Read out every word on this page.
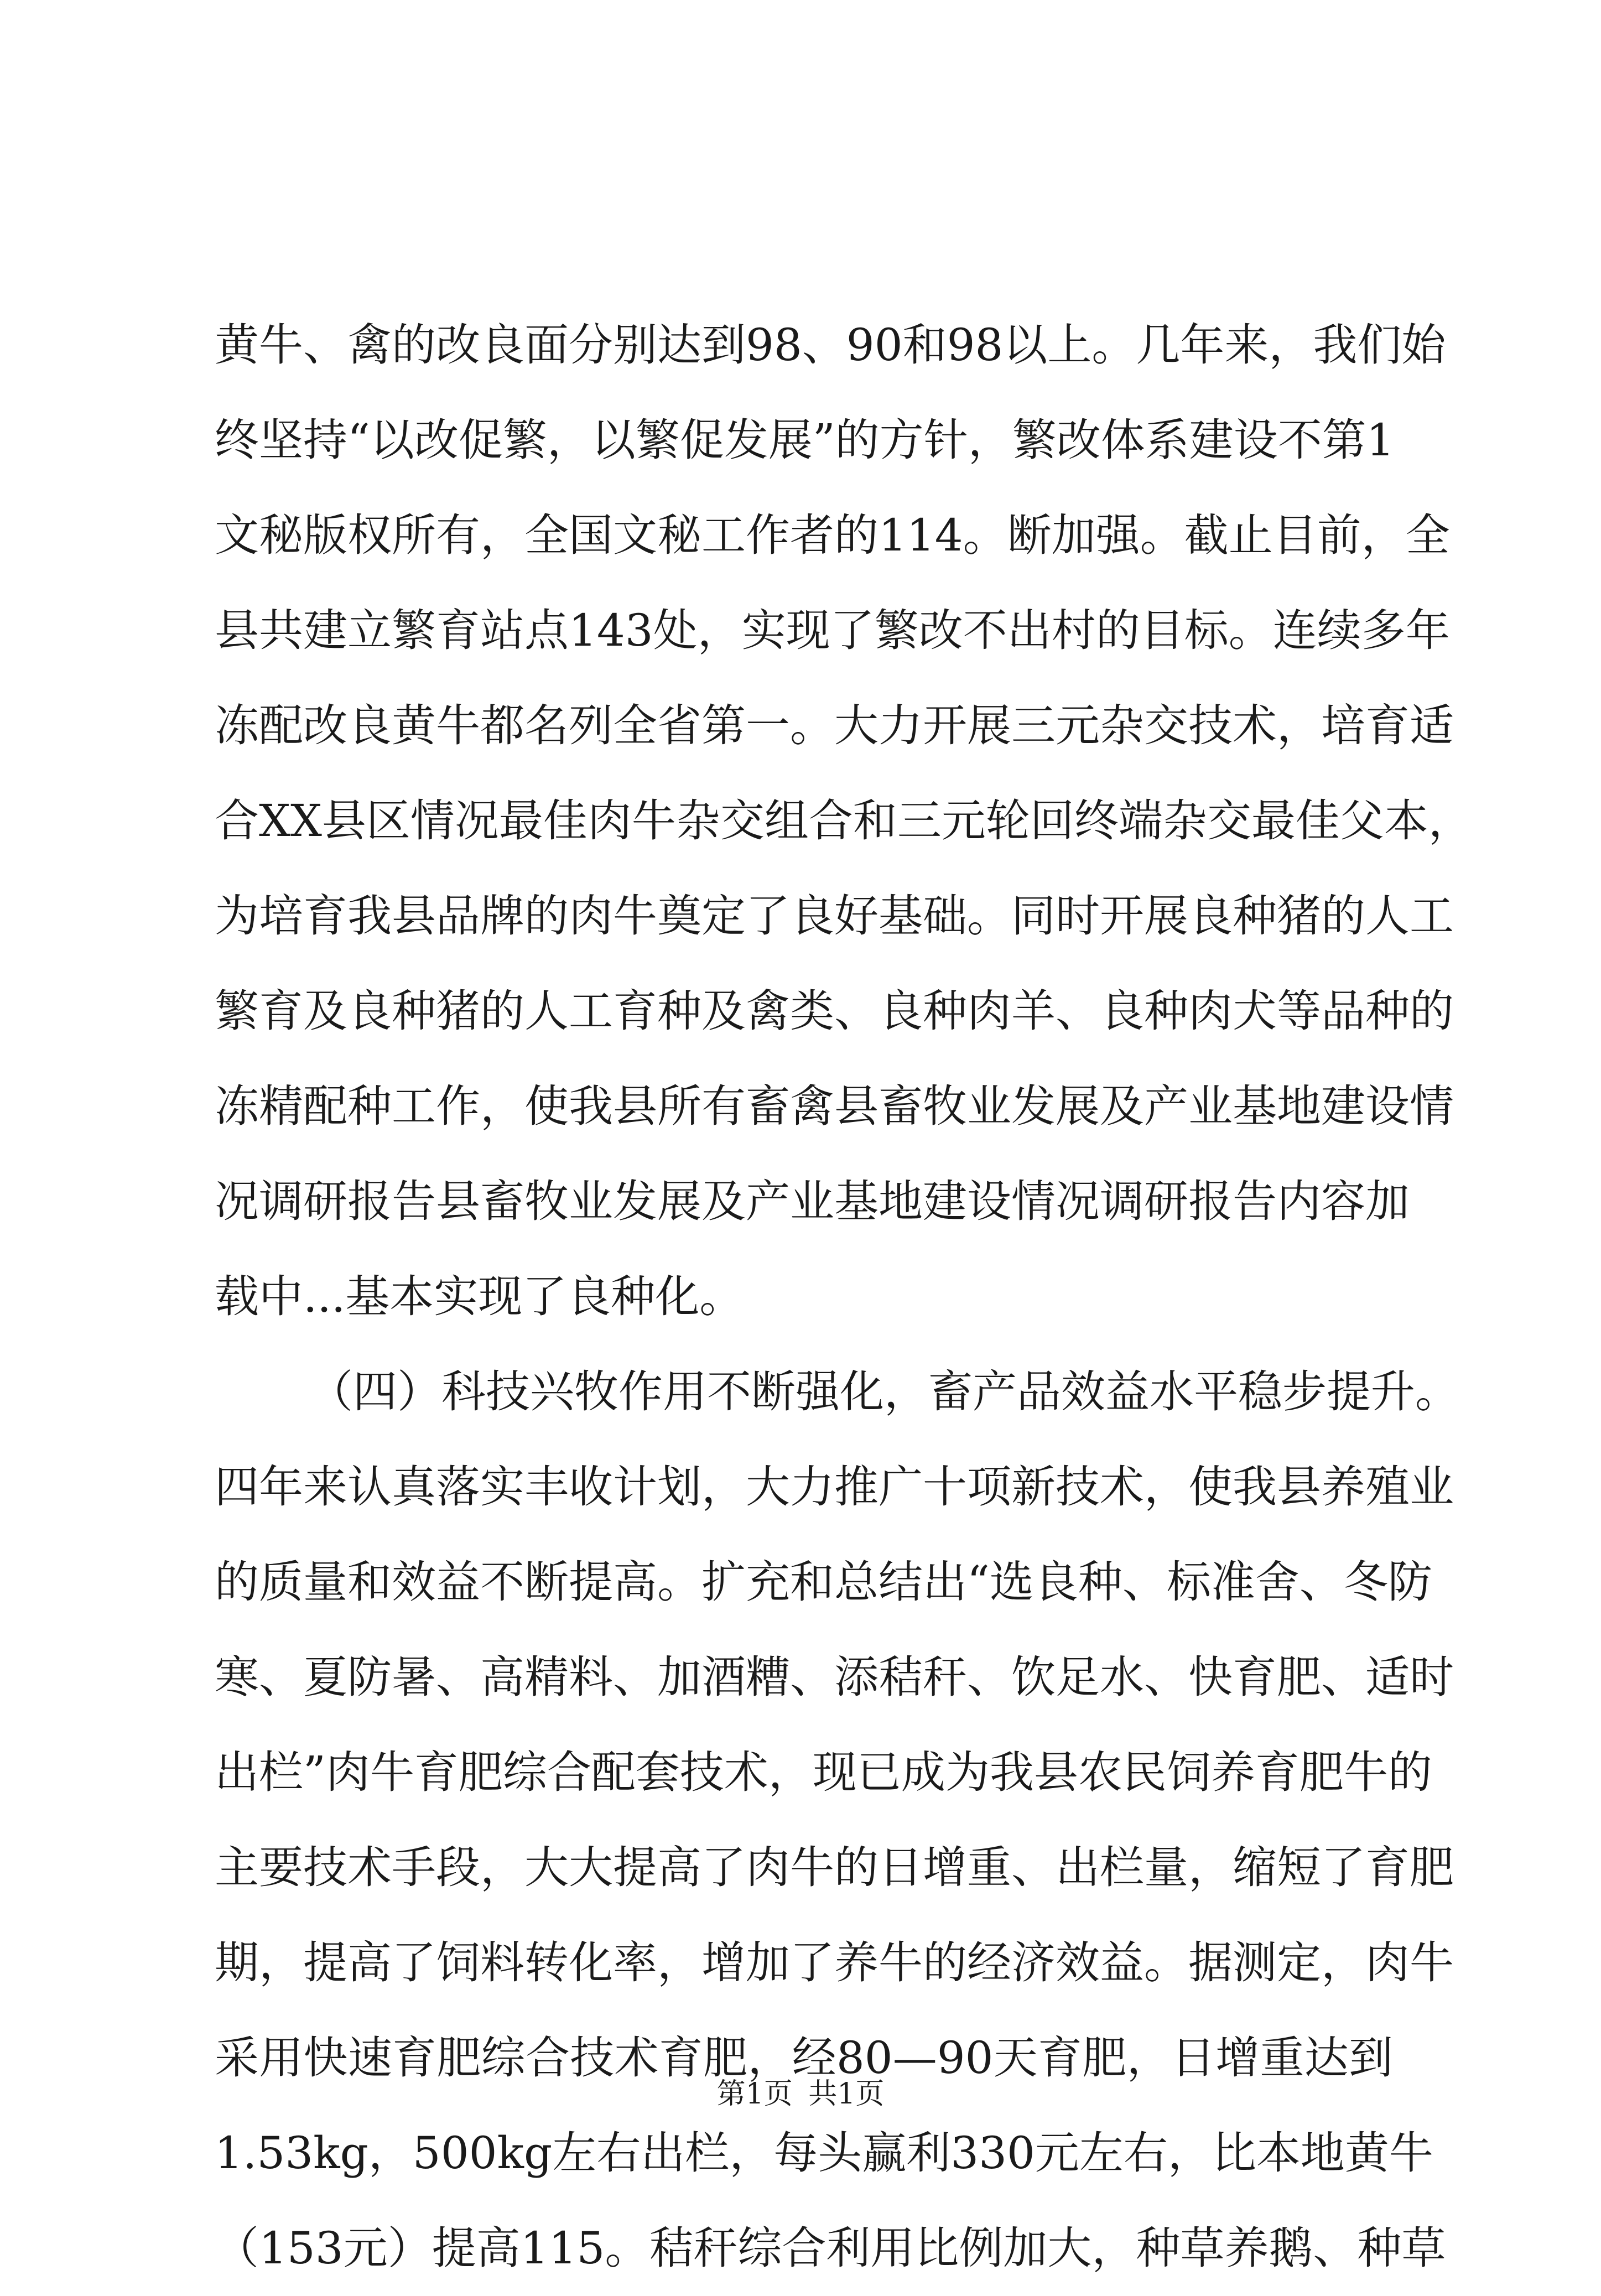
黄牛、禽的改良面分别达到98、90和98以上。几年来，我们始
终坚持“以改促繁，以繁促发展”的方针，繁改体系建设不第1
文秘版权所有，全国文秘工作者的114。断加强。截止目前，全
县共建立繁育站点143处，实现了繁改不出村的目标。连续多年
冻配改良黄牛都名列全省第一。大力开展三元杂交技术，培育适
合XX县区情况最佳肉牛杂交组合和三元轮回终端杂交最佳父本，
为培育我县品牌的肉牛奠定了良好基础。同时开展良种猪的人工
繁育及良种猪的人工育种及禽类、良种肉羊、良种肉犬等品种的
冻精配种工作，使我县所有畜禽县畜牧业发展及产业基地建设情
况调研报告县畜牧业发展及产业基地建设情况调研报告内容加
载中...基本实现了良种化。
（四）科技兴牧作用不断强化，畜产品效益水平稳步提升。
四年来认真落实丰收计划，大力推广十项新技术，使我县养殖业
的质量和效益不断提高。扩充和总结出“选良种、标准舍、冬防
寒、夏防暑、高精料、加酒糟、添秸秆、饮足水、快育肥、适时
出栏”肉牛育肥综合配套技术，现已成为我县农民饲养育肥牛的
主要技术手段，大大提高了肉牛的日增重、出栏量，缩短了育肥
期，提高了饲料转化率，增加了养牛的经济效益。据测定，肉牛
采用快速育肥综合技术育肥，经80—90天育肥，日增重达到
1.53kg，500kg左右出栏，每头赢利330元左右，比本地黄牛
（153元）提高115。秸秆综合利用比例加大，种草养鹅、种草
第1页 共1页
